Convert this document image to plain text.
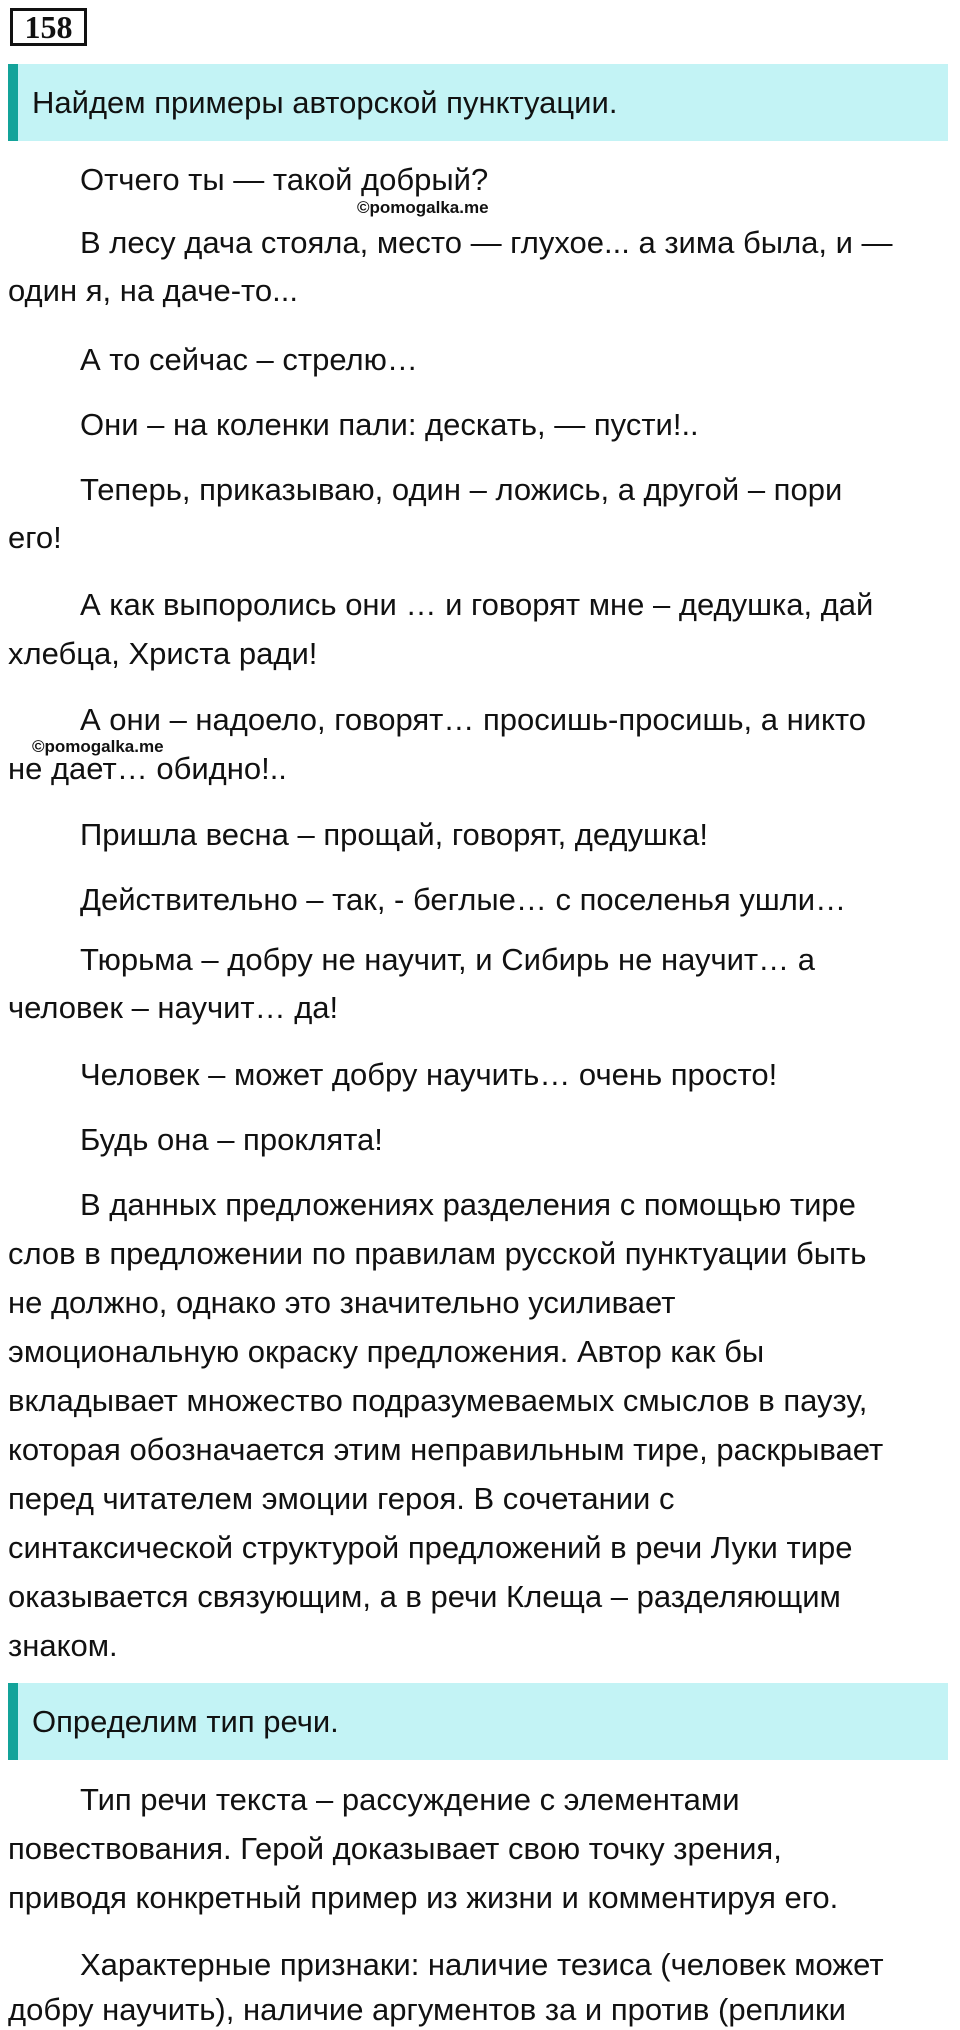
158
Найдем примеры авторской пунктуации.

Отчего ты — такой добрый?

©pomogalka.me

В лесу дача стояла, место — глухое... а зима была, и —

один я, на даче-то...

А то сейчас – стрелю…

Они – на коленки пали: дескать, — пусти!..

Теперь, приказываю, один – ложись, а другой – пори

его!

А как выпоролись они … и говорят мне – дедушка, дай

хлебца, Христа ради!

А они – надоело, говорят… просишь-просишь, а никто

©pomogalka.me

не дает… обидно!..

Пришла весна – прощай, говорят, дедушка!

Действительно – так, - беглые… с поселенья ушли…

Тюрьма – добру не научит, и Сибирь не научит… а

человек – научит… да!

Человек – может добру научить… очень просто!

Будь она – проклята!

В данных предложениях разделения с помощью тире

слов в предложении по правилам русской пунктуации быть

не должно, однако это значительно усиливает

эмоциональную окраску предложения. Автор как бы

вкладывает множество подразумеваемых смыслов в паузу,

которая обозначается этим неправильным тире, раскрывает

перед читателем эмоции героя. В сочетании с

синтаксической структурой предложений в речи Луки тире

оказывается связующим, а в речи Клеща – разделяющим

знаком.

Определим тип речи.

Тип речи текста – рассуждение с элементами

повествования. Герой доказывает свою точку зрения,

приводя конкретный пример из жизни и комментируя его.

Характерные признаки: наличие тезиса (человек может

добру научить), наличие аргументов за и против (реплики
